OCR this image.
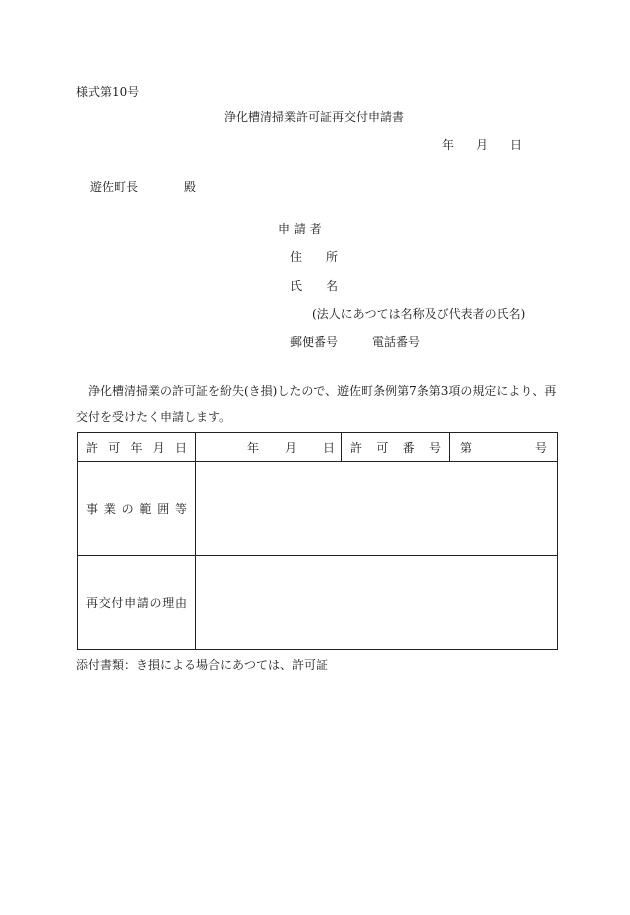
様式第10号
浄化槽清掃業許可証再交付申請書
年 月 日
遊佐町長	殿
申 請 者
住　　所
氏　　名
(法人にあつては名称及び代表者の氏名)
郵便番号	電話番号
浄化槽清掃業の許可証を紛失(き損)したので、遊佐町条例第7条第3項の規定により、再
交付を受けたく申請します。
許可年月日	年 月 日	許可番号	第 号

事業の範囲等			
再交付申請の理由			
添付書類：き損による場合にあつては、許可証
